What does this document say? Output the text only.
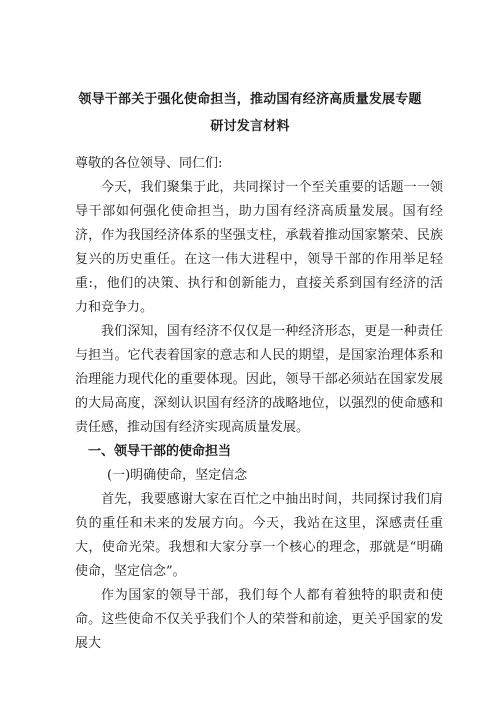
领导干部关于强化使命担当，推动国有经济高质量发展专题
研讨发言材料

尊敬的各位领导、同仁们:

今天，我们聚集于此，共同探讨一个至关重要的话题一一领导干部如何强化使命担当，助力国有经济高质量发展。国有经济，作为我国经济体系的坚强支柱，承载着推动国家繁荣、民族复兴的历史重任。在这一伟大进程中，领导干部的作用举足轻重:，他们的决策、执行和创新能力，直接关系到国有经济的活力和竞争力。

我们深知，国有经济不仅仅是一种经济形态，更是一种责任与担当。它代表着国家的意志和人民的期望，是国家治理体系和治理能力现代化的重要体现。因此，领导干部必须站在国家发展的大局高度，深刻认识国有经济的战略地位，以强烈的使命感和责任感，推动国有经济实现高质量发展。

一、领导干部的使命担当
(一)明确使命，坚定信念

首先，我要感谢大家在百忙之中抽出时间，共同探讨我们肩负的重任和未来的发展方向。今天，我站在这里，深感责任重大，使命光荣。我想和大家分享一个核心的理念，那就是“明确使命，坚定信念”。

作为国家的领导干部，我们每个人都有着独特的职责和使命。这些使命不仅关乎我们个人的荣誉和前途，更关乎国家的发展大
